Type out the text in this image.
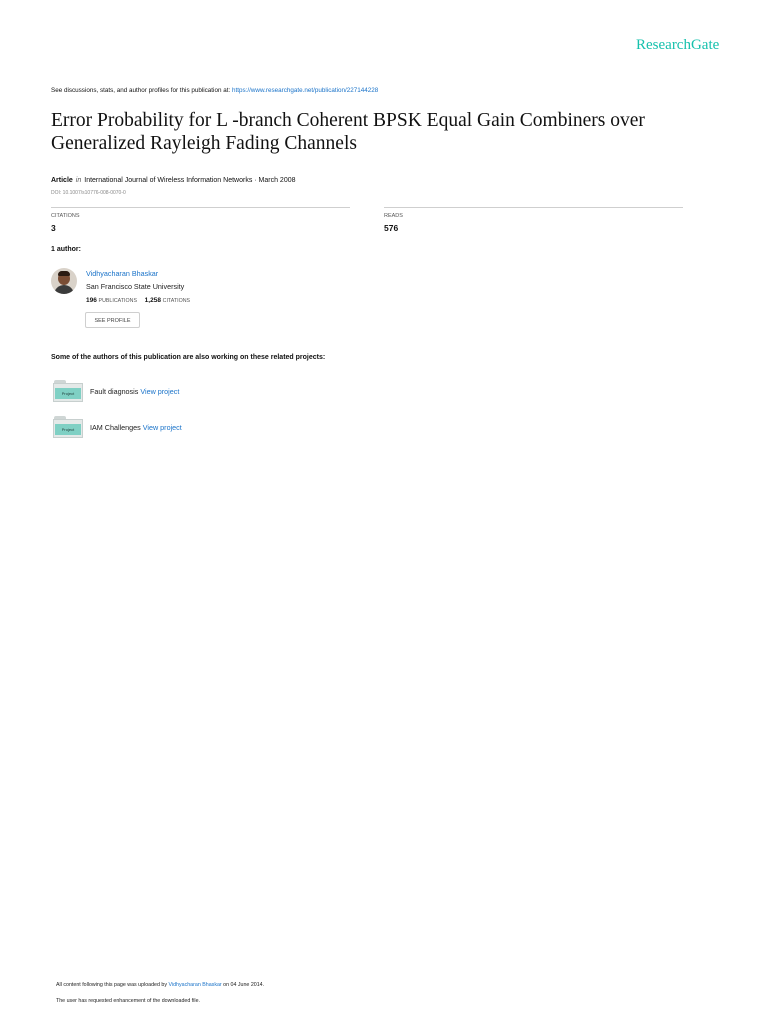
ResearchGate
See discussions, stats, and author profiles for this publication at: https://www.researchgate.net/publication/227144228
Error Probability for L -branch Coherent BPSK Equal Gain Combiners over Generalized Rayleigh Fading Channels
Article in International Journal of Wireless Information Networks · March 2008
DOI: 10.1007/s10776-008-0070-0
CITATIONS
3
READS
576
1 author:
Vidhyacharan Bhaskar
San Francisco State University
196 PUBLICATIONS 1,258 CITATIONS
SEE PROFILE
Some of the authors of this publication are also working on these related projects:
Project	Fault diagnosis View project
Project	IAM Challenges View project
All content following this page was uploaded by Vidhyacharan Bhaskar on 04 June 2014.
The user has requested enhancement of the downloaded file.
